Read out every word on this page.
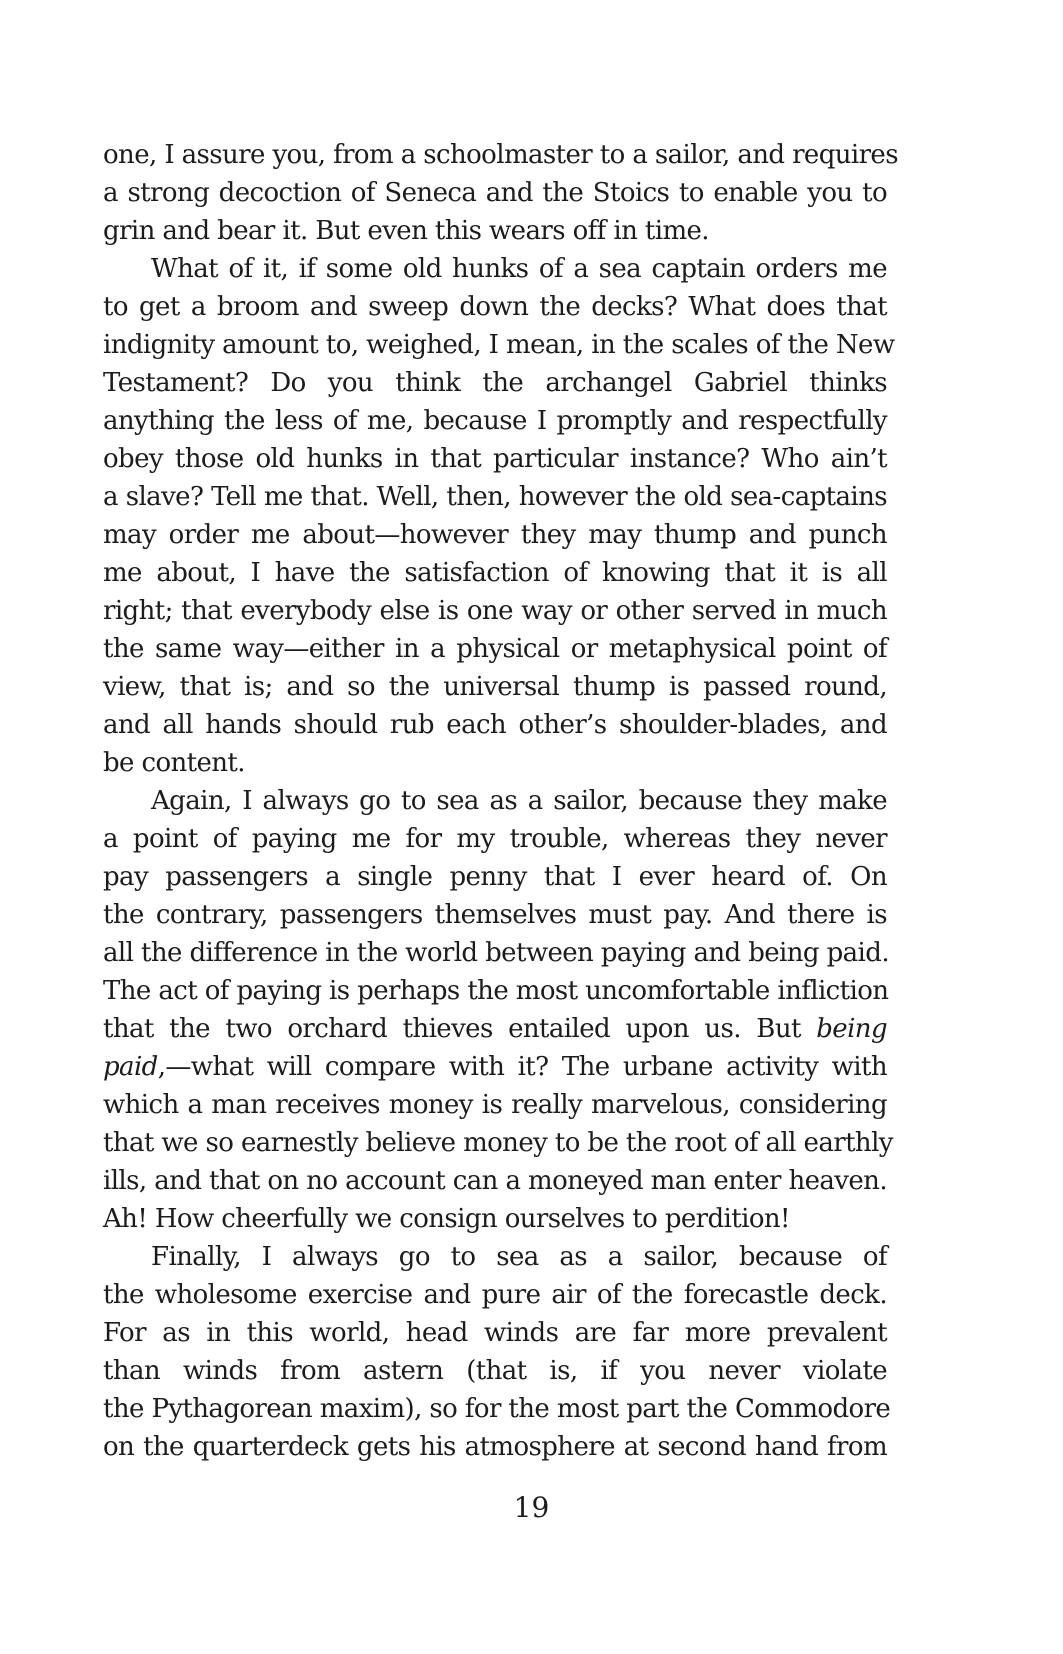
one, I assure you, from a schoolmaster to a sailor, and requires
a strong decoction of Seneca and the Stoics to enable you to
grin and bear it. But even this wears off in time.
What of it, if some old hunks of a sea captain orders me
to get a broom and sweep down the decks? What does that
indignity amount to, weighed, I mean, in the scales of the New
Testament? Do you think the archangel Gabriel thinks
anything the less of me, because I promptly and respectfully
obey those old hunks in that particular instance? Who ain’t
a slave? Tell me that. Well, then, however the old sea-captains
may order me about—however they may thump and punch
me about, I have the satisfaction of knowing that it is all
right; that everybody else is one way or other served in much
the same way—either in a physical or metaphysical point of
view, that is; and so the universal thump is passed round,
and all hands should rub each other’s shoulder-blades, and
be content.
Again, I always go to sea as a sailor, because they make
a point of paying me for my trouble, whereas they never
pay passengers a single penny that I ever heard of. On
the contrary, passengers themselves must pay. And there is
all the difference in the world between paying and being paid.
The act of paying is perhaps the most uncomfortable infliction
that the two orchard thieves entailed upon us. But being
paid,—what will compare with it? The urbane activity with
which a man receives money is really marvelous, considering
that we so earnestly believe money to be the root of all earthly
ills, and that on no account can a moneyed man enter heaven.
Ah! How cheerfully we consign ourselves to perdition!
Finally, I always go to sea as a sailor, because of
the wholesome exercise and pure air of the forecastle deck.
For as in this world, head winds are far more prevalent
than winds from astern (that is, if you never violate
the Pythagorean maxim), so for the most part the Commodore
on the quarterdeck gets his atmosphere at second hand from
19
